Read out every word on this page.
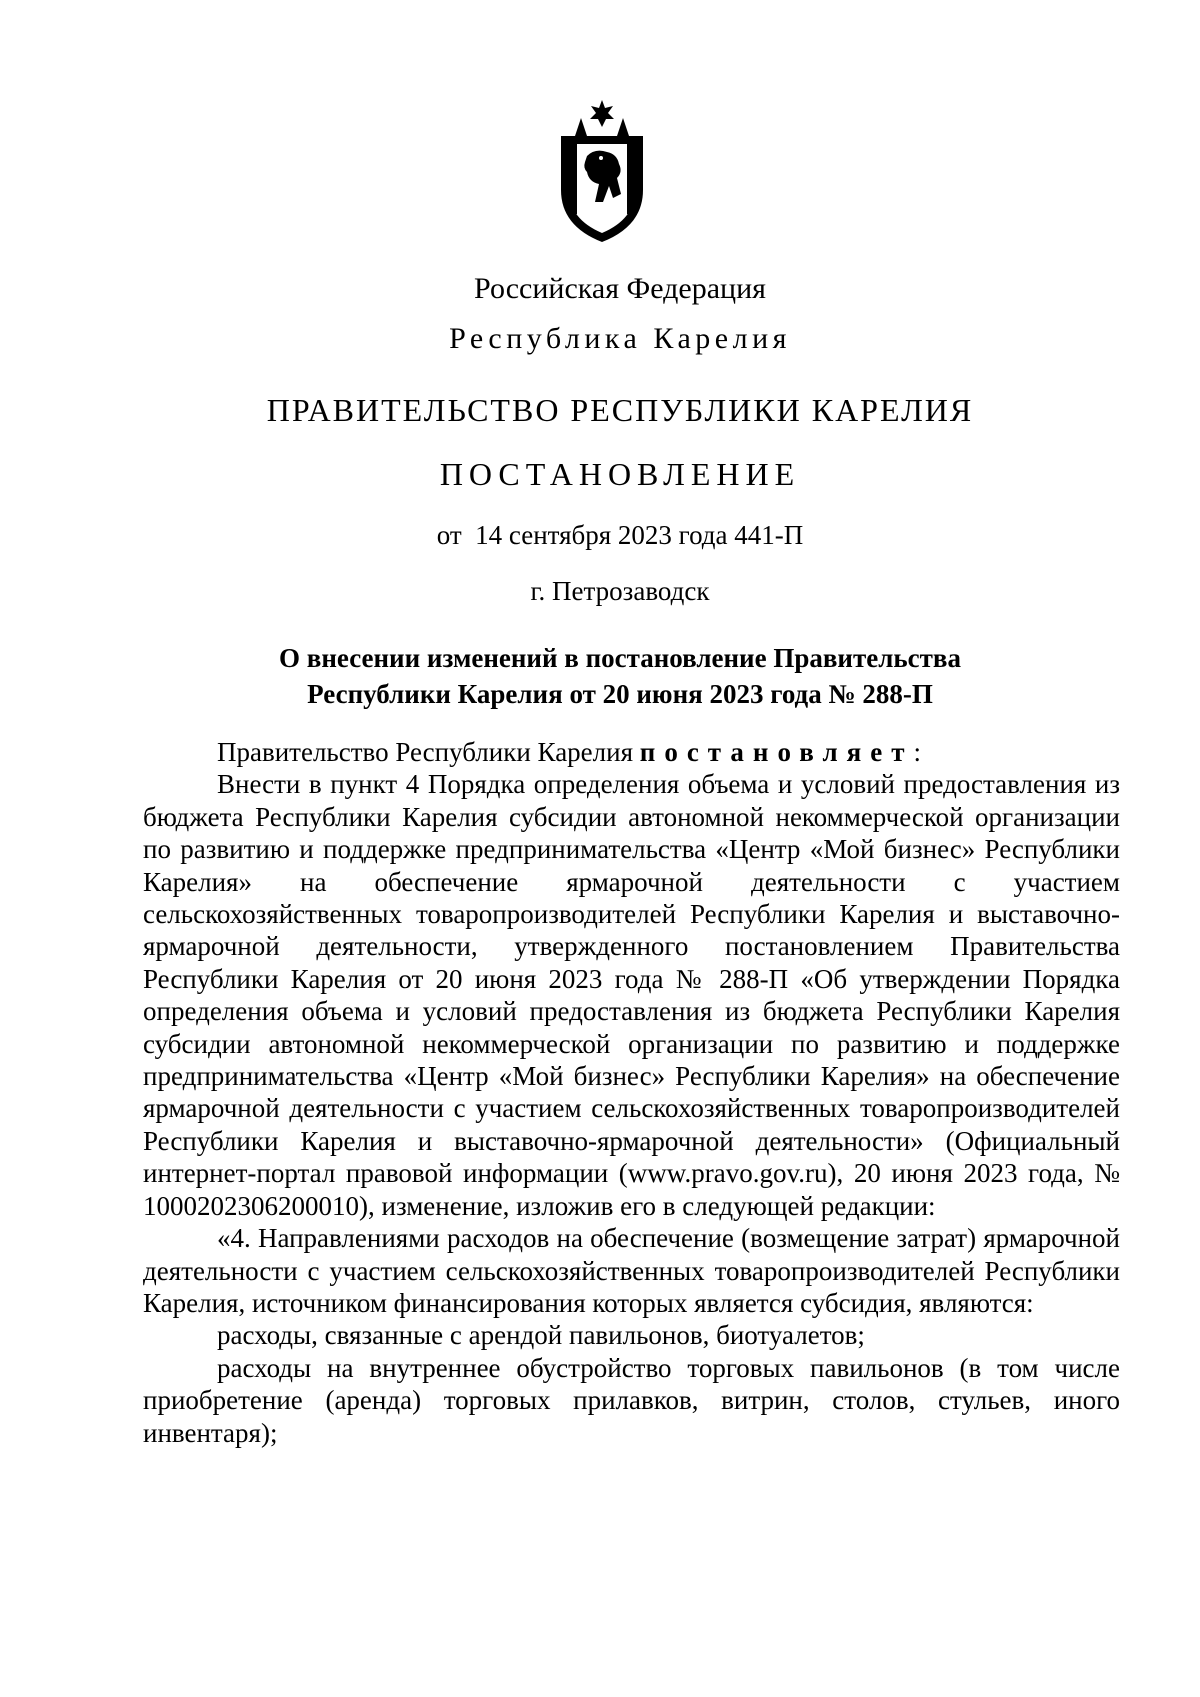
Российская Федерация
Республика Карелия
ПРАВИТЕЛЬСТВО РЕСПУБЛИКИ КАРЕЛИЯ
ПОСТАНОВЛЕНИЕ
от  14 сентября 2023 года 441-П
г. Петрозаводск
О внесении изменений в постановление Правительства
Республики Карелия от 20 июня 2023 года № 288-П

Правительство Республики Карелия постановляет:

Внести в пункт 4 Порядка определения объема и условий предоставления из бюджета Республики Карелия субсидии автономной некоммерческой организации по развитию и поддержке предпринимательства «Центр «Мой бизнес» Республики Карелия» на обеспечение ярмарочной деятельности с участием сельскохозяйственных товаропроизводителей Республики Карелия и выставочно-ярмарочной деятельности, утвержденного постановлением Правительства Республики Карелия от 20 июня 2023 года № 288-П «Об утверждении Порядка определения объема и условий предоставления из бюджета Республики Карелия субсидии автономной некоммерческой организации по развитию и поддержке предпринимательства «Центр «Мой бизнес» Республики Карелия» на обеспечение ярмарочной деятельности с участием сельскохозяйственных товаропроизводителей Республики Карелия и выставочно-ярмарочной деятельности» (Официальный интернет-портал правовой информации (www.pravo.gov.ru), 20 июня 2023 года, № 1000202306200010), изменение, изложив его в следующей редакции:

«4. Направлениями расходов на обеспечение (возмещение затрат) ярмарочной деятельности с участием сельскохозяйственных товаропроизводителей Республики Карелия, источником финансирования которых является субсидия, являются:

расходы, связанные с арендой павильонов, биотуалетов;

расходы на внутреннее обустройство торговых павильонов (в том числе приобретение (аренда) торговых прилавков, витрин, столов, стульев, иного инвентаря);
